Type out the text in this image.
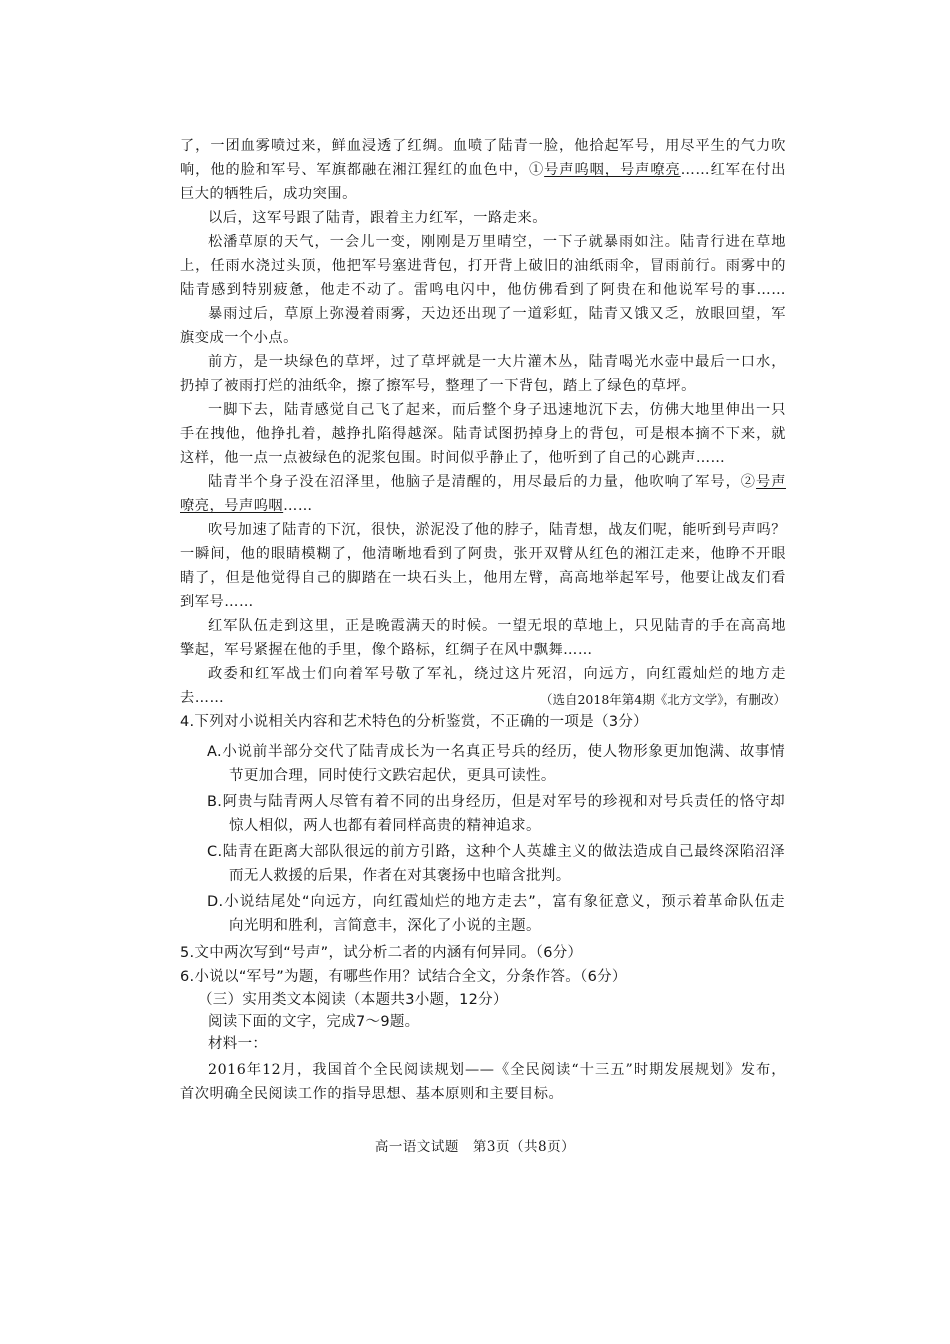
了，一团血雾喷过来，鲜血浸透了红绸。血喷了陆青一脸，他拾起军号，用尽平生的气力吹
响，他的脸和军号、军旗都融在湘江猩红的血色中，①号声呜咽，号声嘹亮……红军在付出
巨大的牺牲后，成功突围。
以后，这军号跟了陆青，跟着主力红军，一路走来。
松潘草原的天气，一会儿一变，刚刚是万里晴空，一下子就暴雨如注。陆青行进在草地
上，任雨水浇过头顶，他把军号塞进背包，打开背上破旧的油纸雨伞，冒雨前行。雨雾中的
陆青感到特别疲惫，他走不动了。雷鸣电闪中，他仿佛看到了阿贵在和他说军号的事……
暴雨过后，草原上弥漫着雨雾，天边还出现了一道彩虹，陆青又饿又乏，放眼回望，军
旗变成一个小点。
前方，是一块绿色的草坪，过了草坪就是一大片灌木丛，陆青喝光水壶中最后一口水，
扔掉了被雨打烂的油纸伞，擦了擦军号，整理了一下背包，踏上了绿色的草坪。
一脚下去，陆青感觉自己飞了起来，而后整个身子迅速地沉下去，仿佛大地里伸出一只
手在拽他，他挣扎着，越挣扎陷得越深。陆青试图扔掉身上的背包，可是根本摘不下来，就
这样，他一点一点被绿色的泥浆包围。时间似乎静止了，他听到了自己的心跳声……
陆青半个身子没在沼泽里，他脑子是清醒的，用尽最后的力量，他吹响了军号，②号声
嘹亮，号声呜咽……
吹号加速了陆青的下沉，很快，淤泥没了他的脖子，陆青想，战友们呢，能听到号声吗？
一瞬间，他的眼睛模糊了，他清晰地看到了阿贵，张开双臂从红色的湘江走来，他睁不开眼
睛了，但是他觉得自己的脚踏在一块石头上，他用左臂，高高地举起军号，他要让战友们看
到军号……
红军队伍走到这里，正是晚霞满天的时候。一望无垠的草地上，只见陆青的手在高高地
擎起，军号紧握在他的手里，像个路标，红绸子在风中飘舞……
政委和红军战士们向着军号敬了军礼，绕过这片死沼，向远方，向红霞灿烂的地方走
去……	（选自2018年第4期《北方文学》，有删改）
4.下列对小说相关内容和艺术特色的分析鉴赏，不正确的一项是（3分）
A.小说前半部分交代了陆青成长为一名真正号兵的经历，使人物形象更加饱满、故事情
节更加合理，同时使行文跌宕起伏，更具可读性。
B.阿贵与陆青两人尽管有着不同的出身经历，但是对军号的珍视和对号兵责任的恪守却
惊人相似，两人也都有着同样高贵的精神追求。
C.陆青在距离大部队很远的前方引路，这种个人英雄主义的做法造成自己最终深陷沼泽
而无人救援的后果，作者在对其褒扬中也暗含批判。
D.小说结尾处“向远方，向红霞灿烂的地方走去”，富有象征意义，预示着革命队伍走
向光明和胜利，言简意丰，深化了小说的主题。
5.文中两次写到“号声”，试分析二者的内涵有何异同。（6分）
6.小说以“军号”为题，有哪些作用？试结合全文，分条作答。（6分）
（三）实用类文本阅读（本题共3小题，12分）
阅读下面的文字，完成7～9题。
材料一：
2016年12月，我国首个全民阅读规划——《全民阅读“十三五”时期发展规划》发布，
首次明确全民阅读工作的指导思想、基本原则和主要目标。
高一语文试题　第3页（共8页）
